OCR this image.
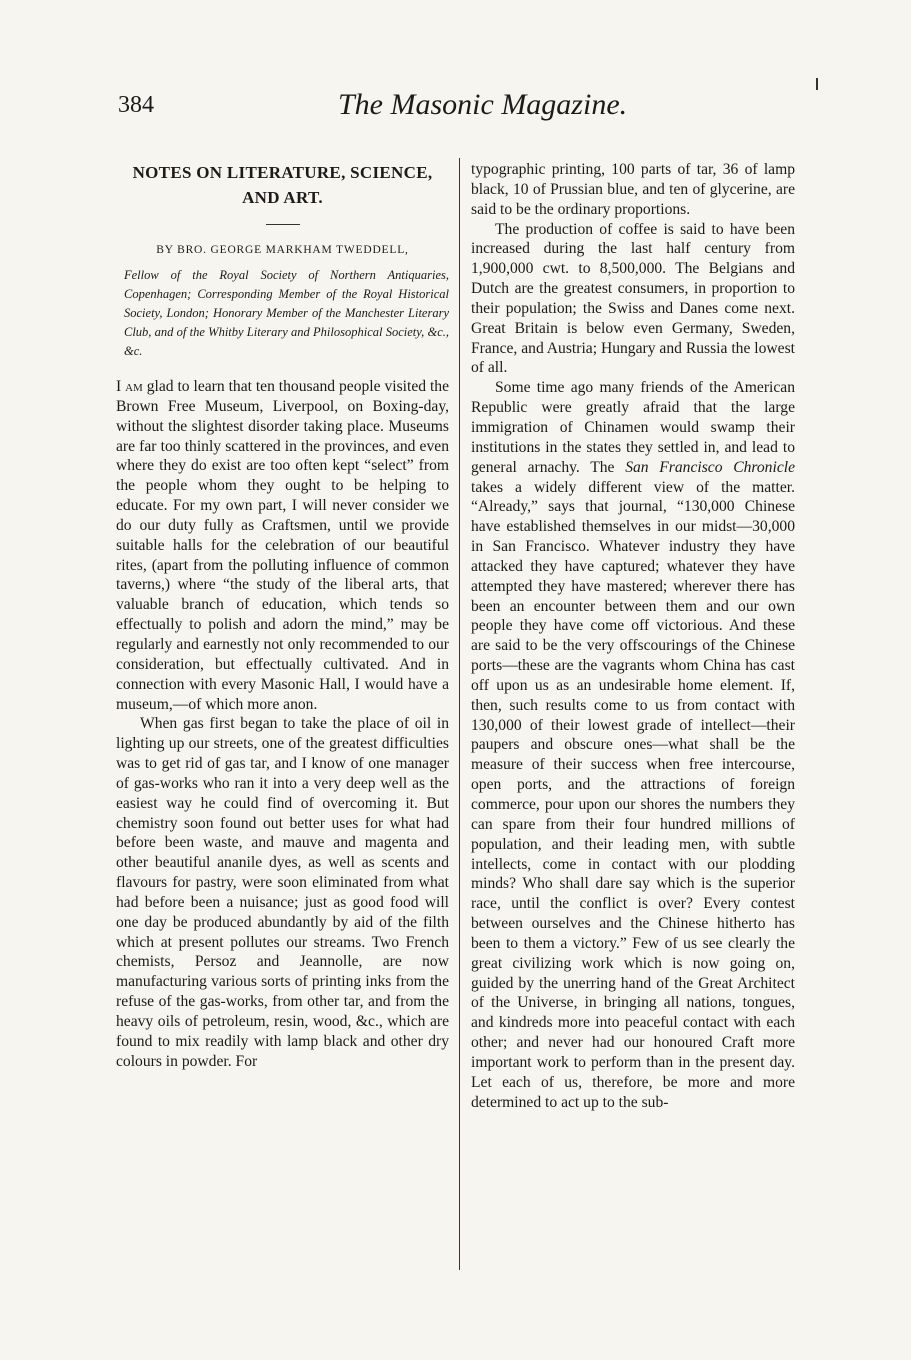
384	The Masonic Magazine.
NOTES ON LITERATURE, SCIENCE,
AND ART.

BY BRO. GEORGE MARKHAM TWEDDELL,

Fellow of the Royal Society of Northern Antiquaries, Copenhagen; Corresponding Member of the Royal Historical Society, London; Honorary Member of the Manchester Literary Club, and of the Whitby Literary and Philosophical Society, &c., &c.

I am glad to learn that ten thousand people visited the Brown Free Museum, Liverpool, on Boxing-day, without the slightest disorder taking place. Museums are far too thinly scattered in the provinces, and even where they do exist are too often kept “select” from the people whom they ought to be helping to educate. For my own part, I will never consider we do our duty fully as Craftsmen, until we provide suitable halls for the celebration of our beautiful rites, (apart from the polluting influence of common taverns,) where “the study of the liberal arts, that valuable branch of education, which tends so effectually to polish and adorn the mind,” may be regularly and earnestly not only recommended to our consideration, but effectually cultivated. And in connection with every Masonic Hall, I would have a museum,—of which more anon.

When gas first began to take the place of oil in lighting up our streets, one of the greatest difficulties was to get rid of gas tar, and I know of one manager of gas-works who ran it into a very deep well as the easiest way he could find of overcoming it. But chemistry soon found out better uses for what had before been waste, and mauve and magenta and other beautiful ananile dyes, as well as scents and flavours for pastry, were soon eliminated from what had before been a nuisance; just as good food will one day be produced abundantly by aid of the filth which at present pollutes our streams. Two French chemists, Persoz and Jeannolle, are now manufacturing various sorts of printing inks from the refuse of the gas-works, from other tar, and from the heavy oils of petroleum, resin, wood, &c., which are found to mix readily with lamp black and other dry colours in powder. For

typographic printing, 100 parts of tar, 36 of lamp black, 10 of Prussian blue, and ten of glycerine, are said to be the ordinary proportions.

The production of coffee is said to have been increased during the last half century from 1,900,000 cwt. to 8,500,000. The Belgians and Dutch are the greatest consumers, in proportion to their population; the Swiss and Danes come next. Great Britain is below even Germany, Sweden, France, and Austria; Hungary and Russia the lowest of all.

Some time ago many friends of the American Republic were greatly afraid that the large immigration of Chinamen would swamp their institutions in the states they settled in, and lead to general arnachy. The San Francisco Chronicle takes a widely different view of the matter. “Already,” says that journal, “130,000 Chinese have established themselves in our midst—30,000 in San Francisco. Whatever industry they have attacked they have captured; whatever they have attempted they have mastered; wherever there has been an encounter between them and our own people they have come off victorious. And these are said to be the very offscourings of the Chinese ports—these are the vagrants whom China has cast off upon us as an undesirable home element. If, then, such results come to us from contact with 130,000 of their lowest grade of intellect—their paupers and obscure ones—what shall be the measure of their success when free intercourse, open ports, and the attractions of foreign commerce, pour upon our shores the numbers they can spare from their four hundred millions of population, and their leading men, with subtle intellects, come in contact with our plodding minds? Who shall dare say which is the superior race, until the conflict is over? Every contest between ourselves and the Chinese hitherto has been to them a victory.” Few of us see clearly the great civilizing work which is now going on, guided by the unerring hand of the Great Architect of the Universe, in bringing all nations, tongues, and kindreds more into peaceful contact with each other; and never had our honoured Craft more important work to perform than in the present day. Let each of us, therefore, be more and more determined to act up to the sub-
